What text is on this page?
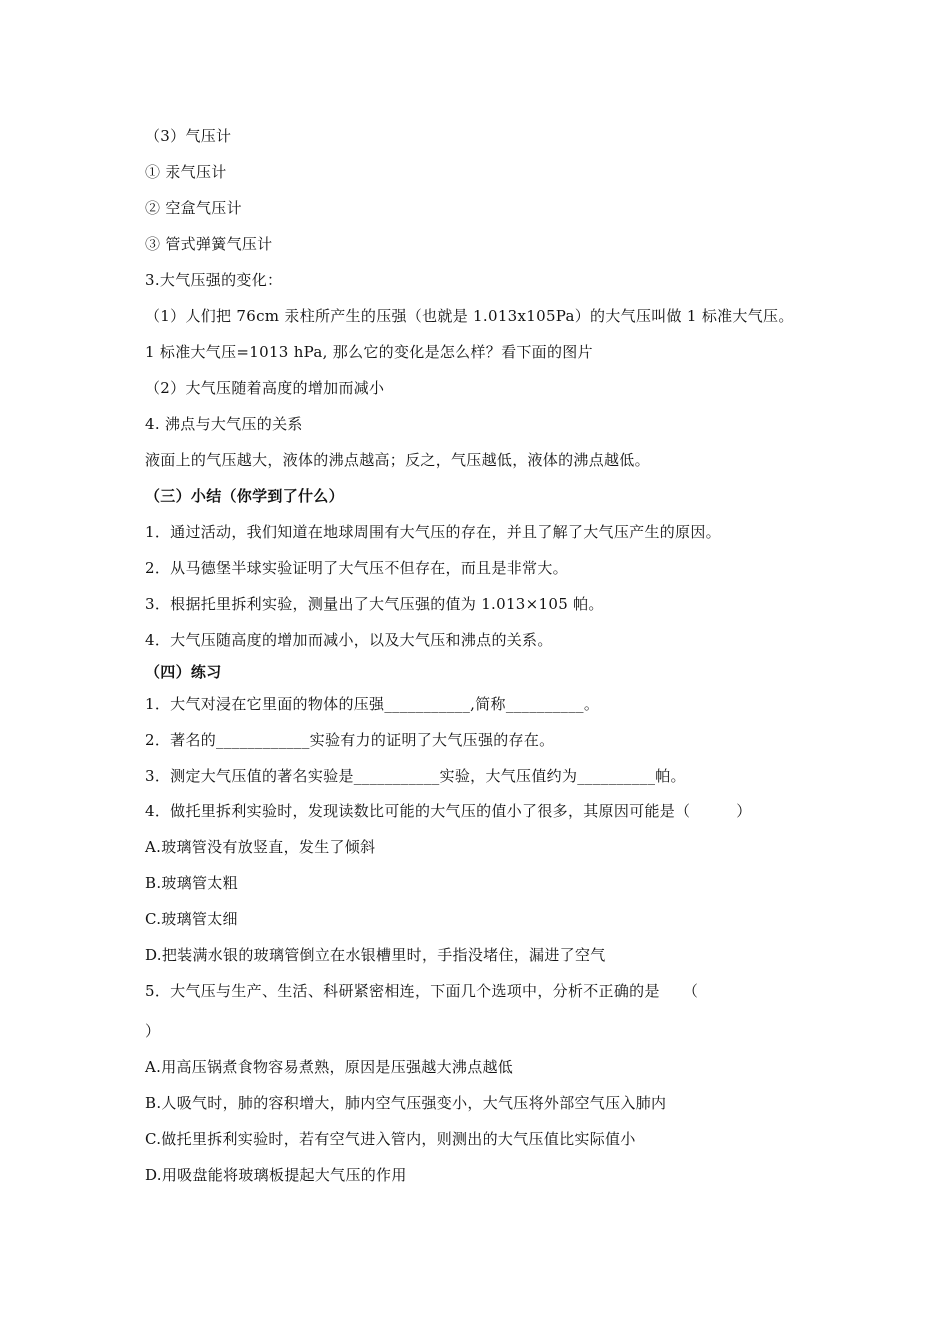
（3）气压计
① 汞气压计
② 空盒气压计
③ 管式弹簧气压计
3.大气压强的变化：
（1）人们把 76cm 汞柱所产生的压强（也就是 1.013x105Pa）的大气压叫做 1 标准大气压。
1 标准大气压=1013 hPa, 那么它的变化是怎么样？看下面的图片
（2）大气压随着高度的增加而减小
4. 沸点与大气压的关系
液面上的气压越大，液体的沸点越高；反之，气压越低，液体的沸点越低。
（三）小结（你学到了什么）
1．通过活动，我们知道在地球周围有大气压的存在，并且了解了大气压产生的原因。
2．从马德堡半球实验证明了大气压不但存在，而且是非常大。
3．根据托里拆利实验，测量出了大气压强的值为 1.013×105 帕。
4．大气压随高度的增加而减小，以及大气压和沸点的关系。
（四）练习
1．大气对浸在它里面的物体的压强___________,简称__________。
2．著名的____________实验有力的证明了大气压强的存在。
3．测定大气压值的著名实验是___________实验，大气压值约为__________帕。
4．做托里拆利实验时，发现读数比可能的大气压的值小了很多，其原因可能是（　　　）
A.玻璃管没有放竖直，发生了倾斜
B.玻璃管太粗
C.玻璃管太细
D.把装满水银的玻璃管倒立在水银槽里时，手指没堵住，漏进了空气
5．大气压与生产、生活、科研紧密相连，下面几个选项中，分析不正确的是　　（
）
A.用高压锅煮食物容易煮熟，原因是压强越大沸点越低
B.人吸气时，肺的容积增大，肺内空气压强变小，大气压将外部空气压入肺内
C.做托里拆利实验时，若有空气进入管内，则测出的大气压值比实际值小
D.用吸盘能将玻璃板提起大气压的作用
